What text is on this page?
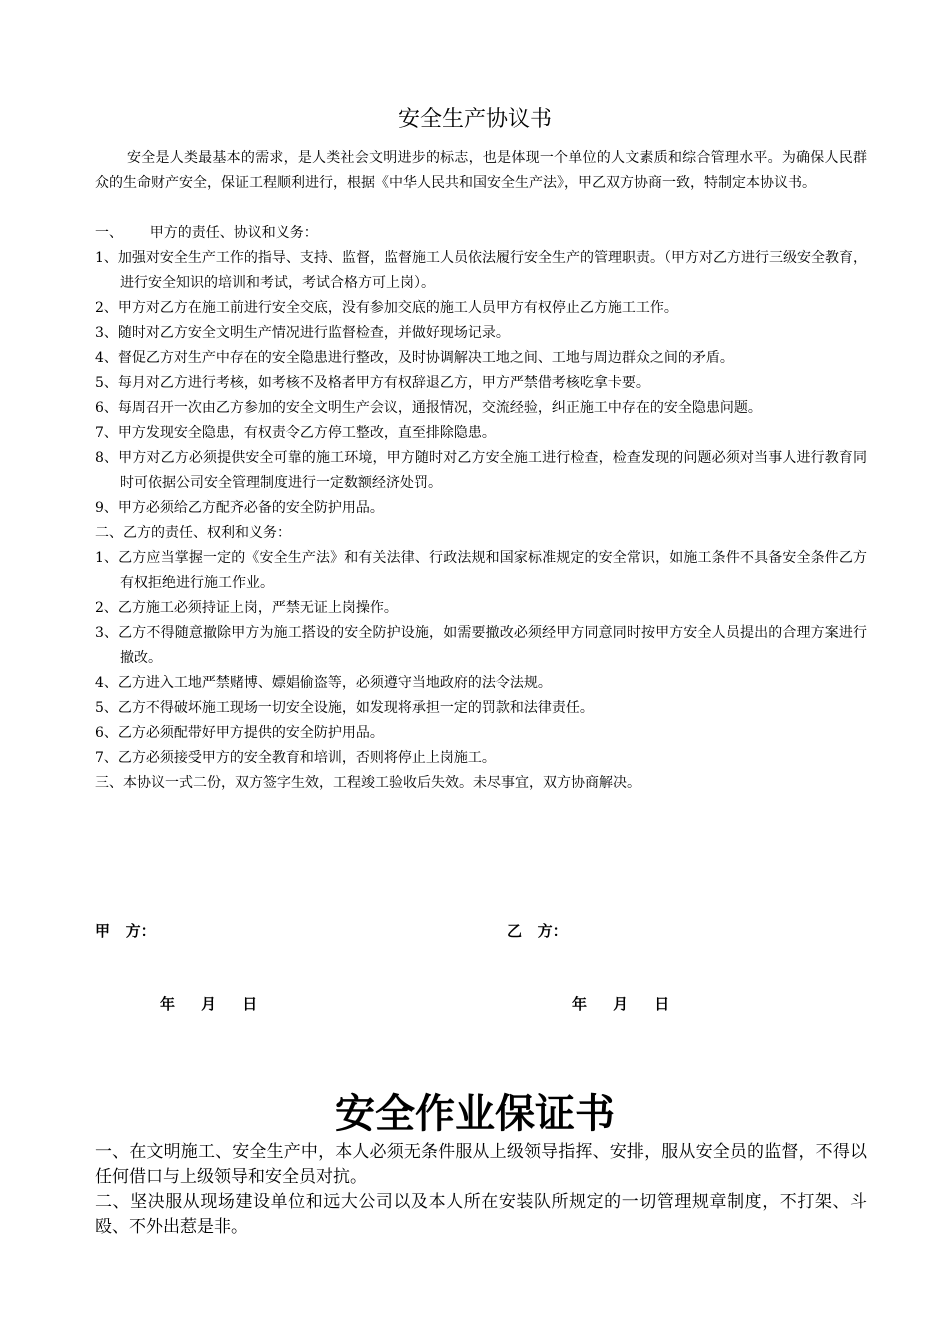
安全生产协议书
安全是人类最基本的需求，是人类社会文明进步的标志，也是体现一个单位的人文素质和综合管理水平。为确保人民群众的生命财产安全，保证工程顺利进行，根据《中华人民共和国安全生产法》，甲乙双方协商一致，特制定本协议书。
一、      甲方的责任、协议和义务：
1、加强对安全生产工作的指导、支持、监督，监督施工人员依法履行安全生产的管理职责。（甲方对乙方进行三级安全教育，进行安全知识的培训和考试，考试合格方可上岗）。
2、甲方对乙方在施工前进行安全交底，没有参加交底的施工人员甲方有权停止乙方施工工作。
3、随时对乙方安全文明生产情况进行监督检查，并做好现场记录。
4、督促乙方对生产中存在的安全隐患进行整改，及时协调解决工地之间、工地与周边群众之间的矛盾。
5、每月对乙方进行考核，如考核不及格者甲方有权辞退乙方，甲方严禁借考核吃拿卡要。
6、每周召开一次由乙方参加的安全文明生产会议，通报情况，交流经验，纠正施工中存在的安全隐患问题。
7、甲方发现安全隐患，有权责令乙方停工整改，直至排除隐患。
8、甲方对乙方必须提供安全可靠的施工环境，甲方随时对乙方安全施工进行检查，检查发现的问题必须对当事人进行教育同时可依据公司安全管理制度进行一定数额经济处罚。
9、甲方必须给乙方配齐必备的安全防护用品。
二、乙方的责任、权利和义务：
1、乙方应当掌握一定的《安全生产法》和有关法律、行政法规和国家标准规定的安全常识，如施工条件不具备安全条件乙方有权拒绝进行施工作业。
2、乙方施工必须持证上岗，严禁无证上岗操作。
3、乙方不得随意撤除甲方为施工搭设的安全防护设施，如需要撤改必须经甲方同意同时按甲方安全人员提出的合理方案进行撤改。
4、乙方进入工地严禁赌博、嫖娼偷盗等，必须遵守当地政府的法令法规。
5、乙方不得破坏施工现场一切安全设施，如发现将承担一定的罚款和法律责任。
6、乙方必须配带好甲方提供的安全防护用品。
7、乙方必须接受甲方的安全教育和培训，否则将停止上岗施工。
三、本协议一式二份，双方签字生效，工程竣工验收后失效。未尽事宜，双方协商解决。
甲   方：	乙   方：
年     月     日	年     月     日
安全作业保证书

一、在文明施工、安全生产中，本人必须无条件服从上级领导指挥、安排，服从安全员的监督，不得以任何借口与上级领导和安全员对抗。

二、坚决服从现场建设单位和远大公司以及本人所在安装队所规定的一切管理规章制度，不打架、斗殴、不外出惹是非。
